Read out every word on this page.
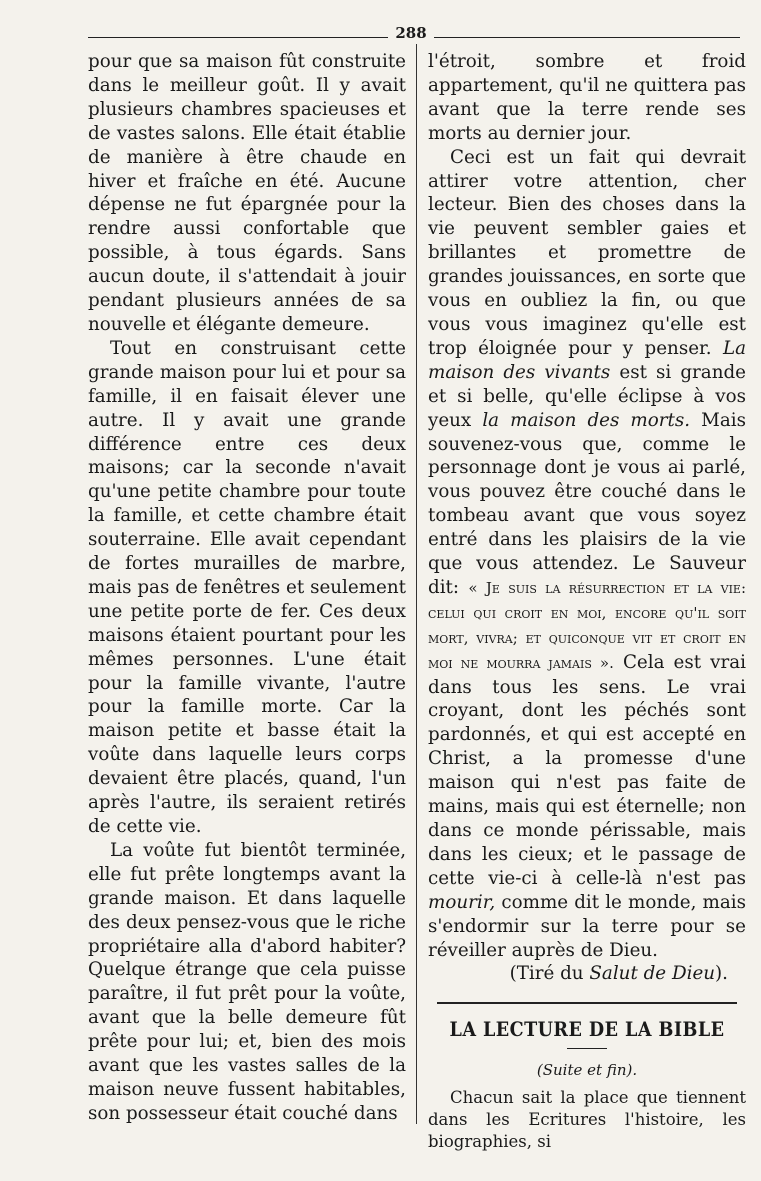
288

pour que sa maison fût construite dans le meilleur goût. Il y avait plusieurs chambres spacieuses et de vastes salons. Elle était établie de manière à être chaude en hiver et fraîche en été. Aucune dépense ne fut épargnée pour la rendre aussi confortable que possible, à tous égards. Sans aucun doute, il s'attendait à jouir pendant plusieurs années de sa nouvelle et élégante demeure.

Tout en construisant cette grande maison pour lui et pour sa famille, il en faisait élever une autre. Il y avait une grande différence entre ces deux maisons; car la seconde n'avait qu'une petite chambre pour toute la famille, et cette chambre était souterraine. Elle avait cependant de fortes murailles de marbre, mais pas de fenêtres et seulement une petite porte de fer. Ces deux maisons étaient pourtant pour les mêmes personnes. L'une était pour la famille vivante, l'autre pour la famille morte. Car la maison petite et basse était la voûte dans laquelle leurs corps devaient être placés, quand, l'un après l'autre, ils seraient retirés de cette vie.

La voûte fut bientôt terminée, elle fut prête longtemps avant la grande maison. Et dans laquelle des deux pensez-vous que le riche propriétaire alla d'abord habiter? Quelque étrange que cela puisse paraître, il fut prêt pour la voûte, avant que la belle demeure fût prête pour lui; et, bien des mois avant que les vastes salles de la maison neuve fussent habitables, son possesseur était couché dans

l'étroit, sombre et froid appartement, qu'il ne quittera pas avant que la terre rende ses morts au dernier jour.

Ceci est un fait qui devrait attirer votre attention, cher lecteur. Bien des choses dans la vie peuvent sembler gaies et brillantes et promettre de grandes jouissances, en sorte que vous en oubliez la fin, ou que vous vous imaginez qu'elle est trop éloignée pour y penser. La maison des vivants est si grande et si belle, qu'elle éclipse à vos yeux la maison des morts. Mais souvenez-vous que, comme le personnage dont je vous ai parlé, vous pouvez être couché dans le tombeau avant que vous soyez entré dans les plaisirs de la vie que vous attendez. Le Sauveur dit: « Je suis la résurrection et la vie: celui qui croit en moi, encore qu'il soit mort, vivra; et quiconque vit et croit en moi ne mourra jamais ». Cela est vrai dans tous les sens. Le vrai croyant, dont les péchés sont pardonnés, et qui est accepté en Christ, a la promesse d'une maison qui n'est pas faite de mains, mais qui est éternelle; non dans ce monde périssable, mais dans les cieux; et le passage de cette vie-ci à celle-là n'est pas mourir, comme dit le monde, mais s'endormir sur la terre pour se réveiller auprès de Dieu.

(Tiré du Salut de Dieu).

LA LECTURE DE LA BIBLE
(Suite et fin).

Chacun sait la place que tiennent dans les Ecritures l'histoire, les biographies, si
